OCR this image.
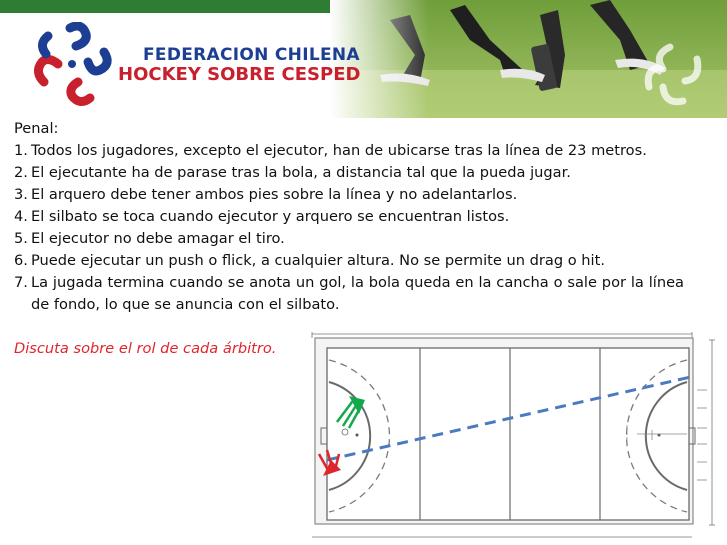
FEDERACION CHILENA
HOCKEY SOBRE CESPED
Penal:
1. Todos los jugadores, excepto el ejecutor, han de ubicarse tras la línea de 23 metros.
2. El ejecutante ha de parase tras la bola, a distancia tal que la pueda jugar.
3. El arquero debe tener ambos pies sobre la línea y no adelantarlos.
4. El silbato se toca cuando ejecutor y arquero se encuentran listos.
5. El ejecutor no debe amagar el tiro.
6. Puede ejecutar un push o flick, a cualquier altura. No se permite un drag o hit.
7. La jugada termina cuando se anota un gol, la bola queda en la cancha o sale por la línea de fondo, lo que se anuncia con el silbato.
Discuta sobre el rol de cada árbitro.
